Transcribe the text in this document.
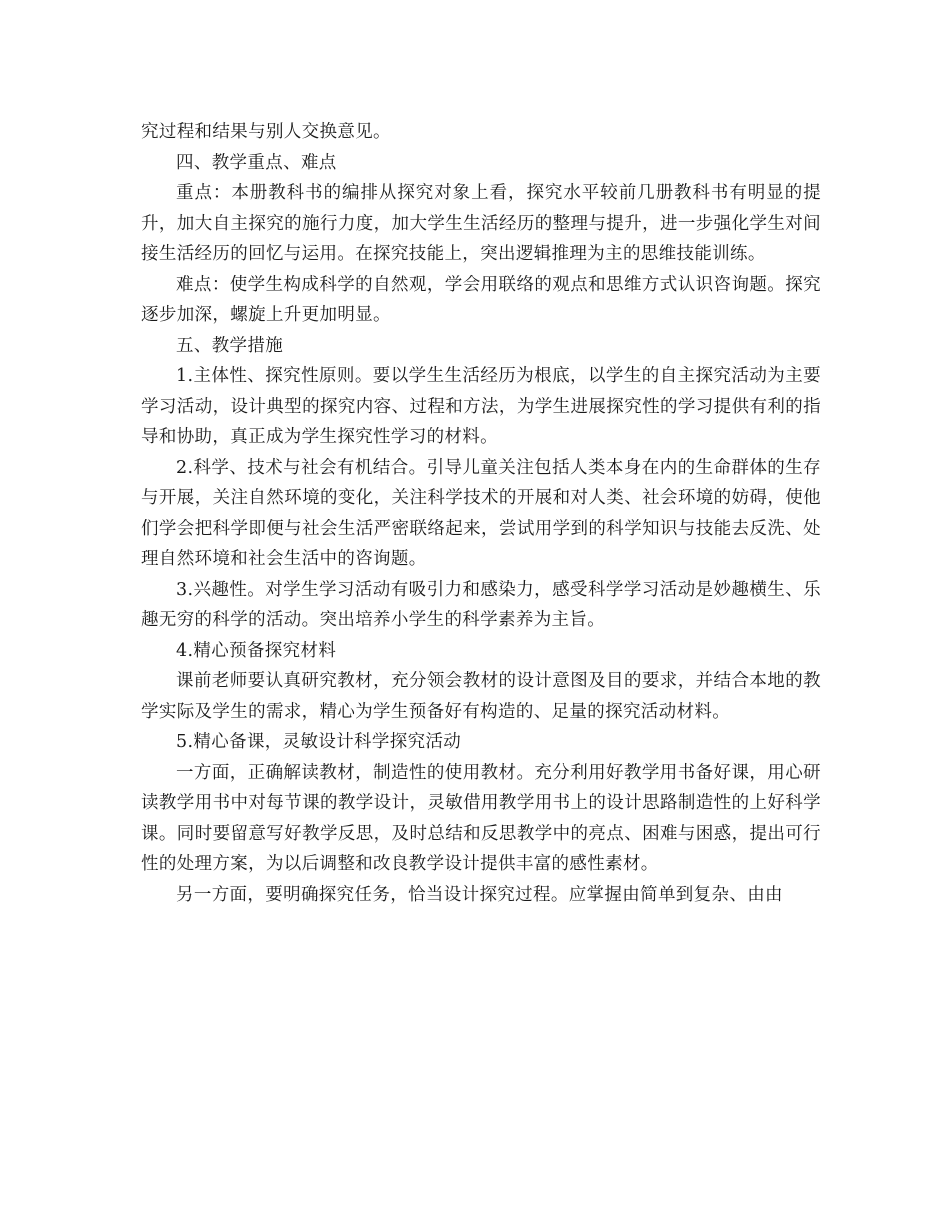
究过程和结果与别人交换意见。

四、教学重点、难点

重点：本册教科书的编排从探究对象上看，探究水平较前几册教科书有明显的提升，加大自主探究的施行力度，加大学生生活经历的整理与提升，进一步强化学生对间接生活经历的回忆与运用。在探究技能上，突出逻辑推理为主的思维技能训练。

难点：使学生构成科学的自然观，学会用联络的观点和思维方式认识咨询题。探究逐步加深，螺旋上升更加明显。

五、教学措施

1.主体性、探究性原则。要以学生生活经历为根底，以学生的自主探究活动为主要学习活动，设计典型的探究内容、过程和方法，为学生进展探究性的学习提供有利的指导和协助，真正成为学生探究性学习的材料。

2.科学、技术与社会有机结合。引导儿童关注包括人类本身在内的生命群体的生存与开展，关注自然环境的变化，关注科学技术的开展和对人类、社会环境的妨碍，使他们学会把科学即便与社会生活严密联络起来，尝试用学到的科学知识与技能去反洗、处理自然环境和社会生活中的咨询题。

3.兴趣性。对学生学习活动有吸引力和感染力，感受科学学习活动是妙趣横生、乐趣无穷的科学的活动。突出培养小学生的科学素养为主旨。

4.精心预备探究材料

课前老师要认真研究教材，充分领会教材的设计意图及目的要求，并结合本地的教学实际及学生的需求，精心为学生预备好有构造的、足量的探究活动材料。

5.精心备课，灵敏设计科学探究活动

一方面，正确解读教材，制造性的使用教材。充分利用好教学用书备好课，用心研读教学用书中对每节课的教学设计，灵敏借用教学用书上的设计思路制造性的上好科学课。同时要留意写好教学反思，及时总结和反思教学中的亮点、困难与困惑，提出可行性的处理方案，为以后调整和改良教学设计提供丰富的感性素材。

另一方面，要明确探究任务，恰当设计探究过程。应掌握由简单到复杂、由由
